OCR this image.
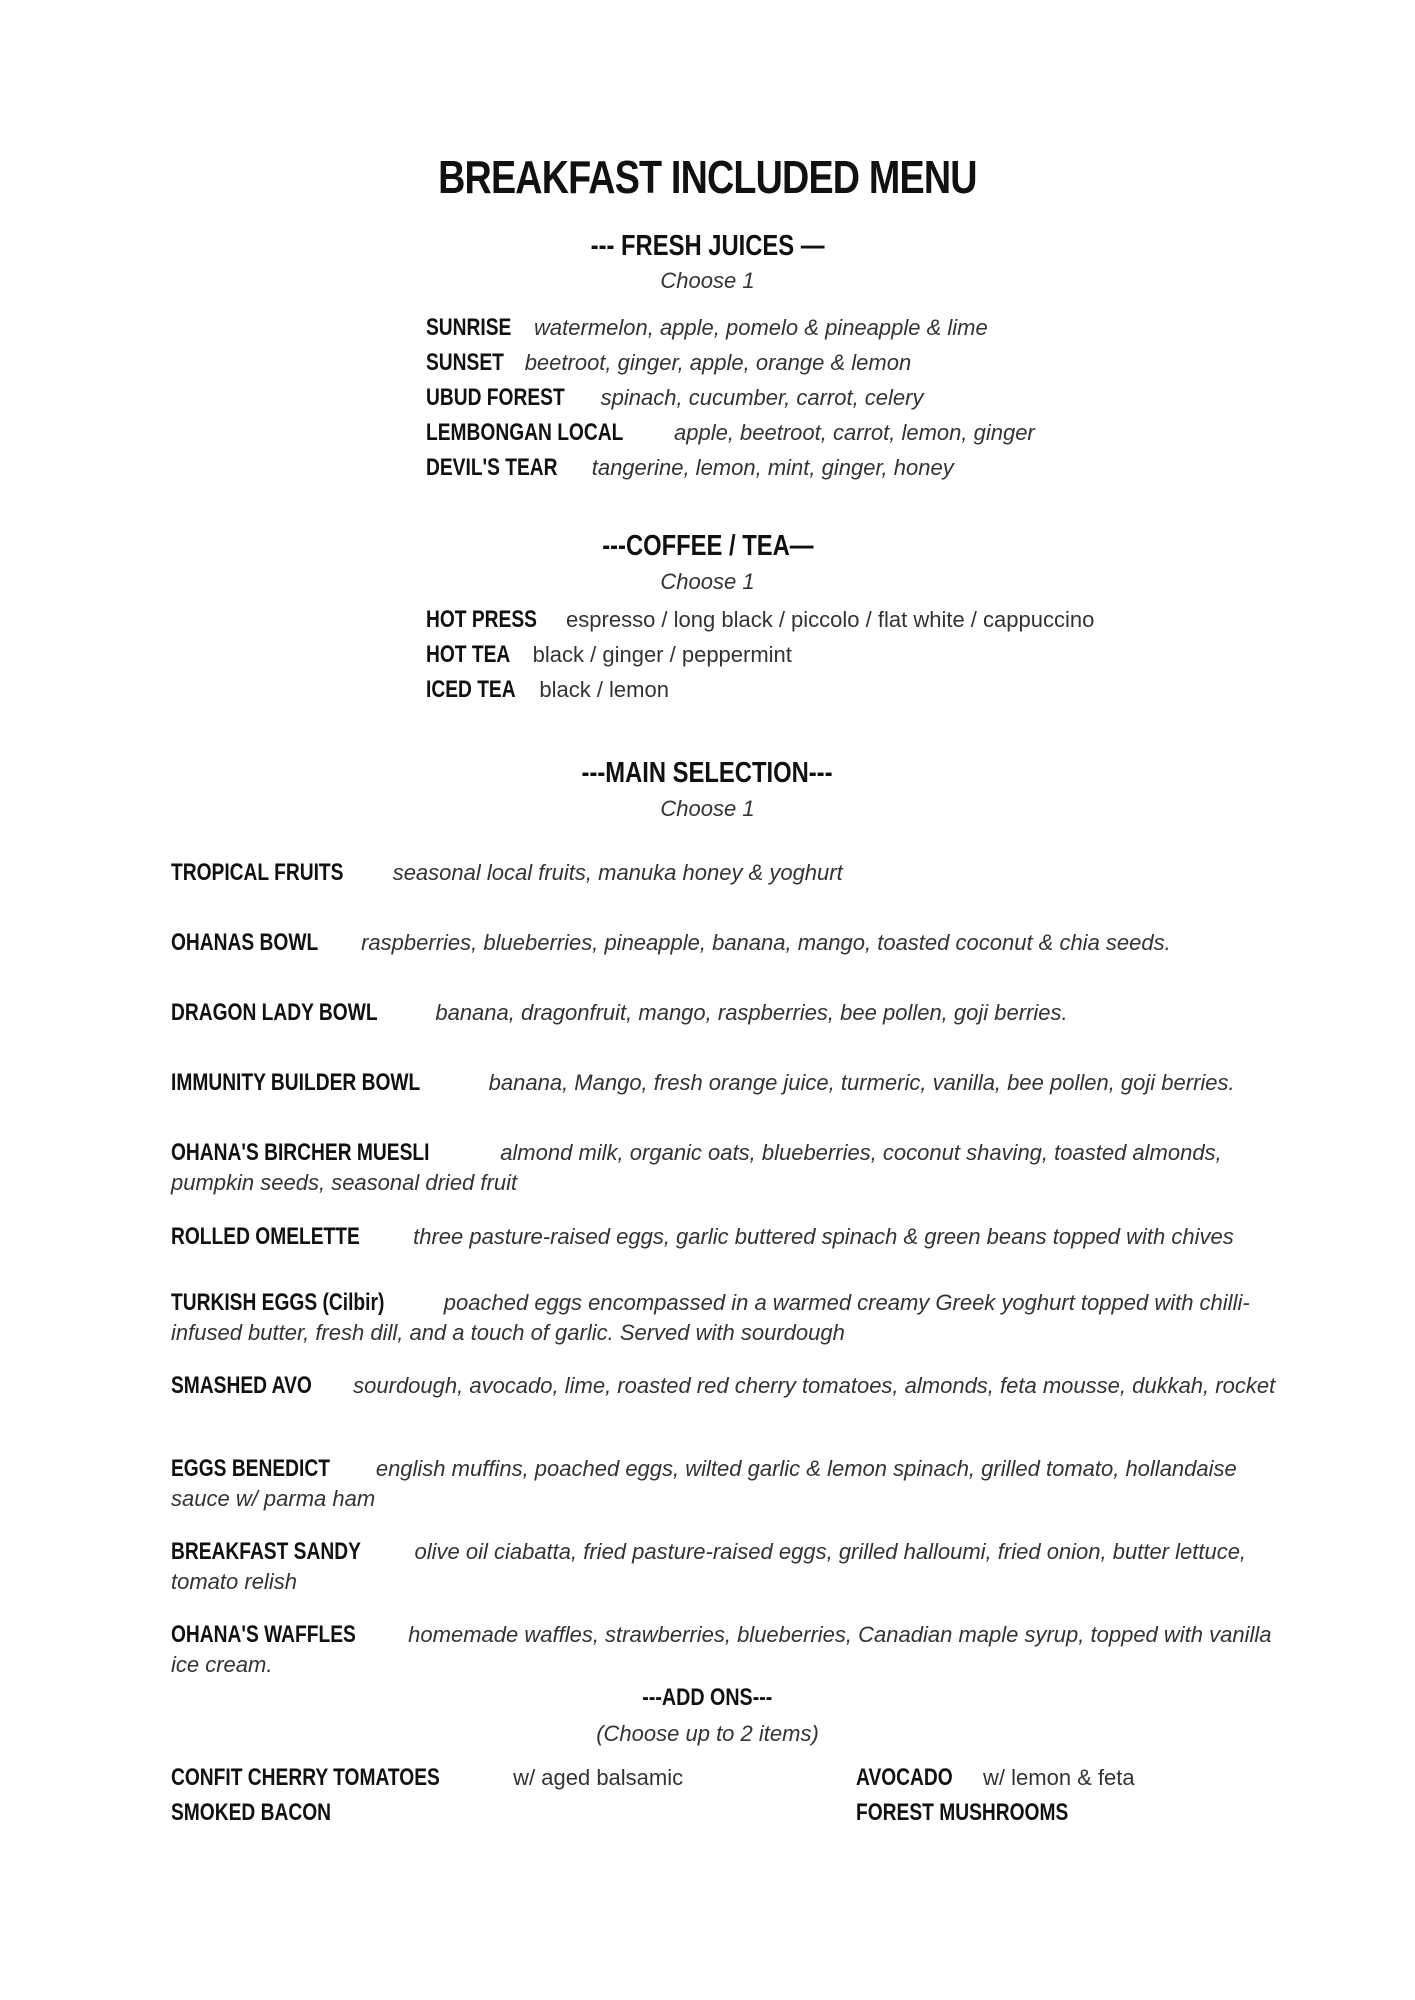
BREAKFAST INCLUDED MENU
--- FRESH JUICES —
Choose 1
SUNRISE watermelon, apple, pomelo & pineapple & lime
SUNSET beetroot, ginger, apple, orange & lemon
UBUD FOREST spinach, cucumber, carrot, celery
LEMBONGAN LOCAL apple, beetroot, carrot, lemon, ginger
DEVIL'S TEAR tangerine, lemon, mint, ginger, honey
---COFFEE / TEA—
Choose 1
HOT PRESS espresso / long black / piccolo / flat white / cappuccino
HOT TEA black / ginger / peppermint
ICED TEA black / lemon
---MAIN SELECTION---
Choose 1
TROPICAL FRUITS seasonal local fruits, manuka honey & yoghurt
OHANAS BOWL raspberries, blueberries, pineapple, banana, mango, toasted coconut & chia seeds.
DRAGON LADY BOWL	banana, dragonfruit, mango, raspberries, bee pollen, goji berries.
IMMUNITY BUILDER BOWL	banana, Mango, fresh orange juice, turmeric, vanilla, bee pollen, goji berries.
OHANA'S BIRCHER MUESLI	almond milk, organic oats, blueberries, coconut shaving, toasted almonds, pumpkin seeds, seasonal dried fruit
ROLLED OMELETTE three pasture-raised eggs, garlic buttered spinach & green beans topped with chives
TURKISH EGGS (Cilbir)	poached eggs encompassed in a warmed creamy Greek yoghurt topped with chilli-infused butter, fresh dill, and a touch of garlic. Served with sourdough
SMASHED AVO sourdough, avocado, lime, roasted red cherry tomatoes, almonds, feta mousse, dukkah, rocket
EGGS BENEDICT english muffins, poached eggs, wilted garlic & lemon spinach, grilled tomato, hollandaise sauce w/ parma ham
BREAKFAST SANDY olive oil ciabatta, fried pasture-raised eggs, grilled halloumi, fried onion, butter lettuce, tomato relish
OHANA'S WAFFLES homemade waffles, strawberries, blueberries, Canadian maple syrup, topped with vanilla ice cream.
---ADD ONS---
(Choose up to 2 items)
CONFIT CHERRY TOMATOES	w/ aged balsamic
SMOKED BACON
AVOCADO w/ lemon & feta
FOREST MUSHROOMS
